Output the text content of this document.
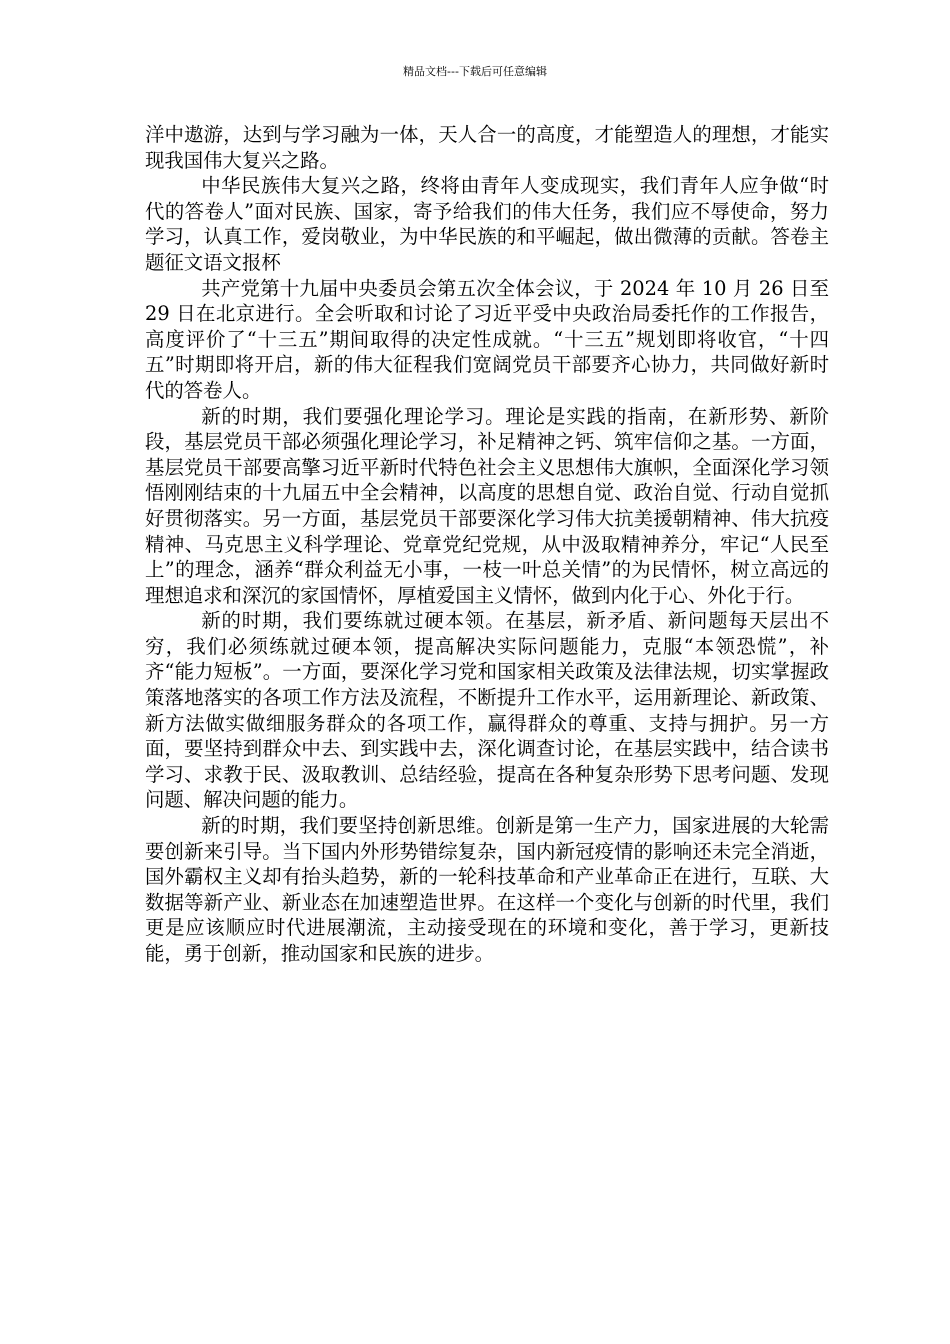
精品文档---下载后可任意编辑

洋中遨游，达到与学习融为一体，天人合一的高度，才能塑造人的理想，才能实现我国伟大复兴之路。

中华民族伟大复兴之路，终将由青年人变成现实，我们青年人应争做“时代的答卷人”面对民族、国家，寄予给我们的伟大任务，我们应不辱使命，努力学习，认真工作，爱岗敬业，为中华民族的和平崛起，做出微薄的贡献。答卷主题征文语文报杯

共产党第十九届中央委员会第五次全体会议，于 2024 年 10 月 26 日至 29 日在北京进行。全会听取和讨论了习近平受中央政治局委托作的工作报告，高度评价了“十三五”期间取得的决定性成就。“十三五”规划即将收官，“十四五”时期即将开启，新的伟大征程我们宽阔党员干部要齐心协力，共同做好新时代的答卷人。

新的时期，我们要强化理论学习。理论是实践的指南，在新形势、新阶段，基层党员干部必须强化理论学习，补足精神之钙、筑牢信仰之基。一方面，基层党员干部要高擎习近平新时代特色社会主义思想伟大旗帜，全面深化学习领悟刚刚结束的十九届五中全会精神，以高度的思想自觉、政治自觉、行动自觉抓好贯彻落实。另一方面，基层党员干部要深化学习伟大抗美援朝精神、伟大抗疫精神、马克思主义科学理论、党章党纪党规，从中汲取精神养分，牢记“人民至上”的理念，涵养“群众利益无小事，一枝一叶总关情”的为民情怀，树立高远的理想追求和深沉的家国情怀，厚植爱国主义情怀，做到内化于心、外化于行。

新的时期，我们要练就过硬本领。在基层，新矛盾、新问题每天层出不穷，我们必须练就过硬本领，提高解决实际问题能力，克服“本领恐慌”，补齐“能力短板”。一方面，要深化学习党和国家相关政策及法律法规，切实掌握政策落地落实的各项工作方法及流程，不断提升工作水平，运用新理论、新政策、新方法做实做细服务群众的各项工作，赢得群众的尊重、支持与拥护。另一方面，要坚持到群众中去、到实践中去，深化调查讨论，在基层实践中，结合读书学习、求教于民、汲取教训、总结经验，提高在各种复杂形势下思考问题、发现问题、解决问题的能力。

新的时期，我们要坚持创新思维。创新是第一生产力，国家进展的大轮需要创新来引导。当下国内外形势错综复杂，国内新冠疫情的影响还未完全消逝，国外霸权主义却有抬头趋势，新的一轮科技革命和产业革命正在进行，互联、大数据等新产业、新业态在加速塑造世界。在这样一个变化与创新的时代里，我们更是应该顺应时代进展潮流，主动接受现在的环境和变化，善于学习，更新技能，勇于创新，推动国家和民族的进步。
